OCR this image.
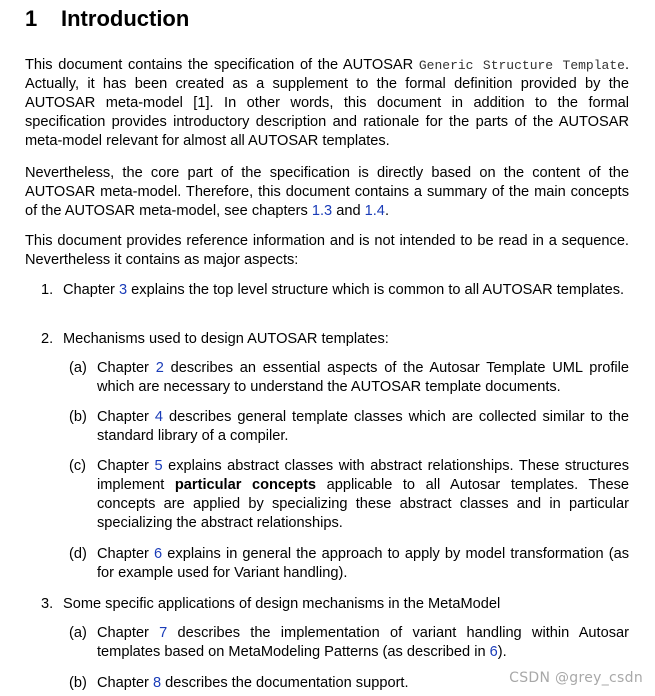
1 Introduction

This document contains the specification of the AUTOSAR Generic Structure Template. Actually, it has been created as a supplement to the formal definition provided by the AUTOSAR meta-model [1]. In other words, this document in addition to the formal specification provides introductory description and rationale for the parts of the AUTOSAR meta-model relevant for almost all AUTOSAR templates.

Nevertheless, the core part of the specification is directly based on the content of the AUTOSAR meta-model. Therefore, this document contains a summary of the main concepts of the AUTOSAR meta-model, see chapters 1.3 and 1.4.

This document provides reference information and is not intended to be read in a sequence. Nevertheless it contains as major aspects:

1. Chapter 3 explains the top level structure which is common to all AUTOSAR templates.

2. Mechanisms used to design AUTOSAR templates:

(a) Chapter 2 describes an essential aspects of the Autosar Template UML profile which are necessary to understand the AUTOSAR template documents.

(b) Chapter 4 describes general template classes which are collected similar to the standard library of a compiler.

(c) Chapter 5 explains abstract classes with abstract relationships. These structures implement particular concepts applicable to all Autosar templates. These concepts are applied by specializing these abstract classes and in particular specializing the abstract relationships.

(d) Chapter 6 explains in general the approach to apply by model transformation (as for example used for Variant handling).

3. Some specific applications of design mechanisms in the MetaModel

(a) Chapter 7 describes the implementation of variant handling within Autosar templates based on MetaModeling Patterns (as described in 6).

(b) Chapter 8 describes the documentation support.	CSDN @grey_csdn
